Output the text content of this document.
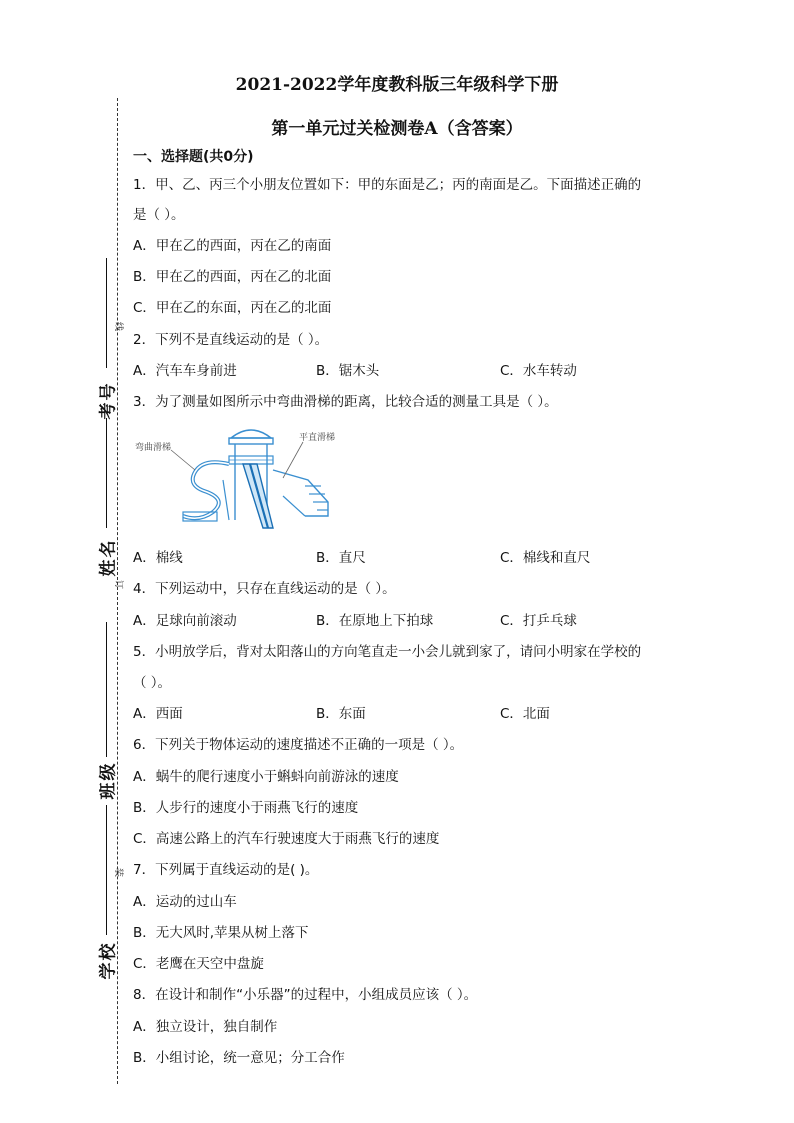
线
订
装
考号
姓名
班级
学校
2021-2022学年度教科版三年级科学下册
第一单元过关检测卷A（含答案）
一、选择题(共0分)
1．甲、乙、丙三个小朋友位置如下：甲的东面是乙；丙的南面是乙。下面描述正确的
是（ ）。
A．甲在乙的西面，丙在乙的南面
B．甲在乙的西面，丙在乙的北面
C．甲在乙的东面，丙在乙的北面
2．下列不是直线运动的是（ ）。
A．汽车车身前进	B．锯木头	C．水车转动
3．为了测量如图所示中弯曲滑梯的距离，比较合适的测量工具是（ ）。
弯曲滑梯
平直滑梯
A．棉线	B．直尺	C．棉线和直尺
4．下列运动中，只存在直线运动的是（ ）。
A．足球向前滚动	B．在原地上下拍球	C．打乒乓球
5．小明放学后，背对太阳落山的方向笔直走一小会儿就到家了，请问小明家在学校的
（ ）。
A．西面	B．东面	C．北面
6．下列关于物体运动的速度描述不正确的一项是（ ）。
A．蜗牛的爬行速度小于蝌蚪向前游泳的速度
B．人步行的速度小于雨燕飞行的速度
C．高速公路上的汽车行驶速度大于雨燕飞行的速度
7．下列属于直线运动的是( )。
A．运动的过山车
B．无大风时,苹果从树上落下
C．老鹰在天空中盘旋
8．在设计和制作“小乐器”的过程中，小组成员应该（ ）。
A．独立设计，独自制作
B．小组讨论，统一意见；分工合作
